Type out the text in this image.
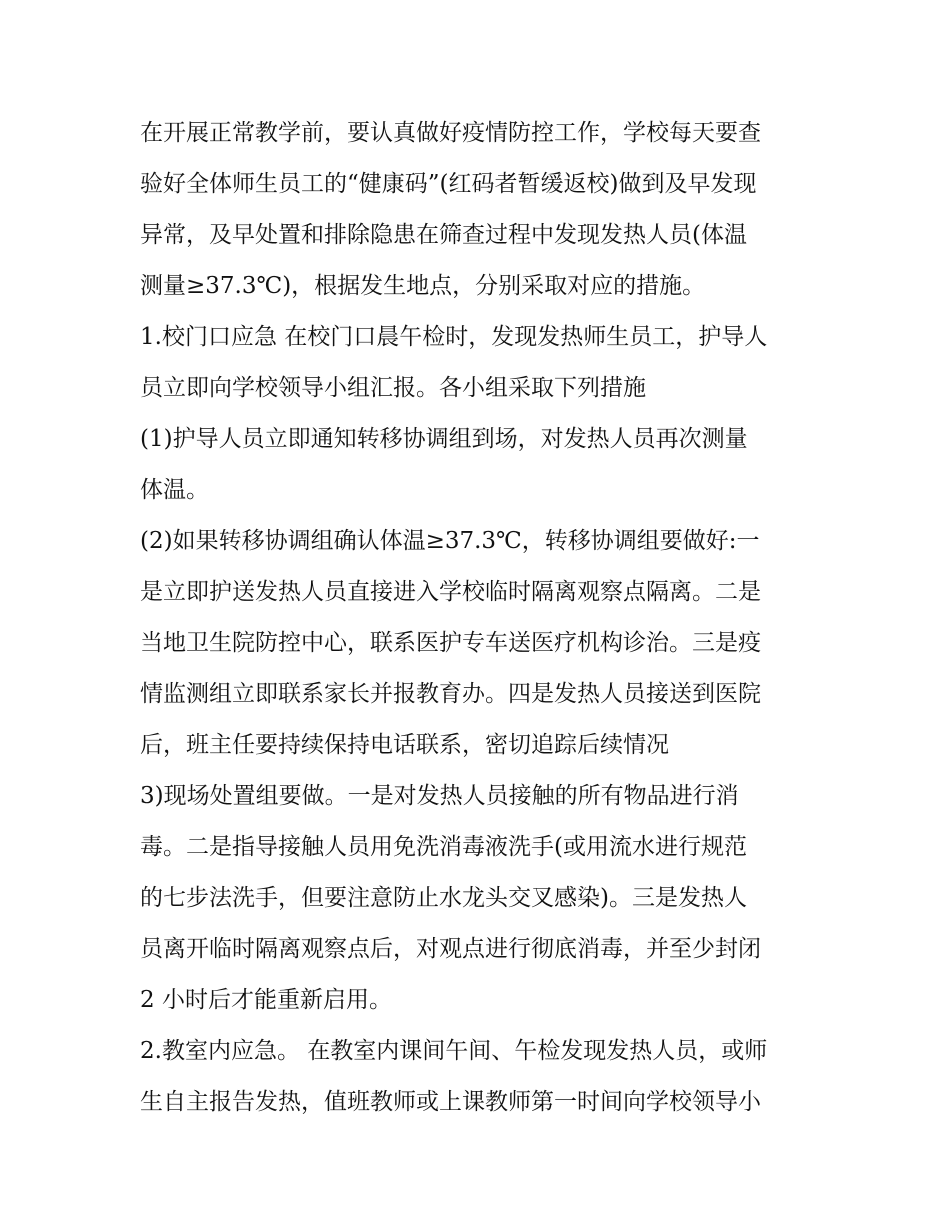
在开展正常教学前，要认真做好疫情防控工作，学校每天要查
验好全体师生员工的“健康码”(红码者暂缓返校)做到及早发现
异常，及早处置和排除隐患在筛查过程中发现发热人员(体温
测量≥37.3℃)，根据发生地点，分别采取对应的措施。
1.校门口应急 在校门口晨午检时，发现发热师生员工，护导人
员立即向学校领导小组汇报。各小组采取下列措施
(1)护导人员立即通知转移协调组到场，对发热人员再次测量
体温。
(2)如果转移协调组确认体温≥37.3℃，转移协调组要做好:一
是立即护送发热人员直接进入学校临时隔离观察点隔离。二是
当地卫生院防控中心，联系医护专车送医疗机构诊治。三是疫
情监测组立即联系家长并报教育办。四是发热人员接送到医院
后，班主任要持续保持电话联系，密切追踪后续情况
3)现场处置组要做。一是对发热人员接触的所有物品进行消
毒。二是指导接触人员用免洗消毒液洗手(或用流水进行规范
的七步法洗手，但要注意防止水龙头交叉感染)。三是发热人
员离开临时隔离观察点后，对观点进行彻底消毒，并至少封闭
2 小时后才能重新启用。
2.教室内应急。 在教室内课间午间、午检发现发热人员，或师
生自主报告发热，值班教师或上课教师第一时间向学校领导小
